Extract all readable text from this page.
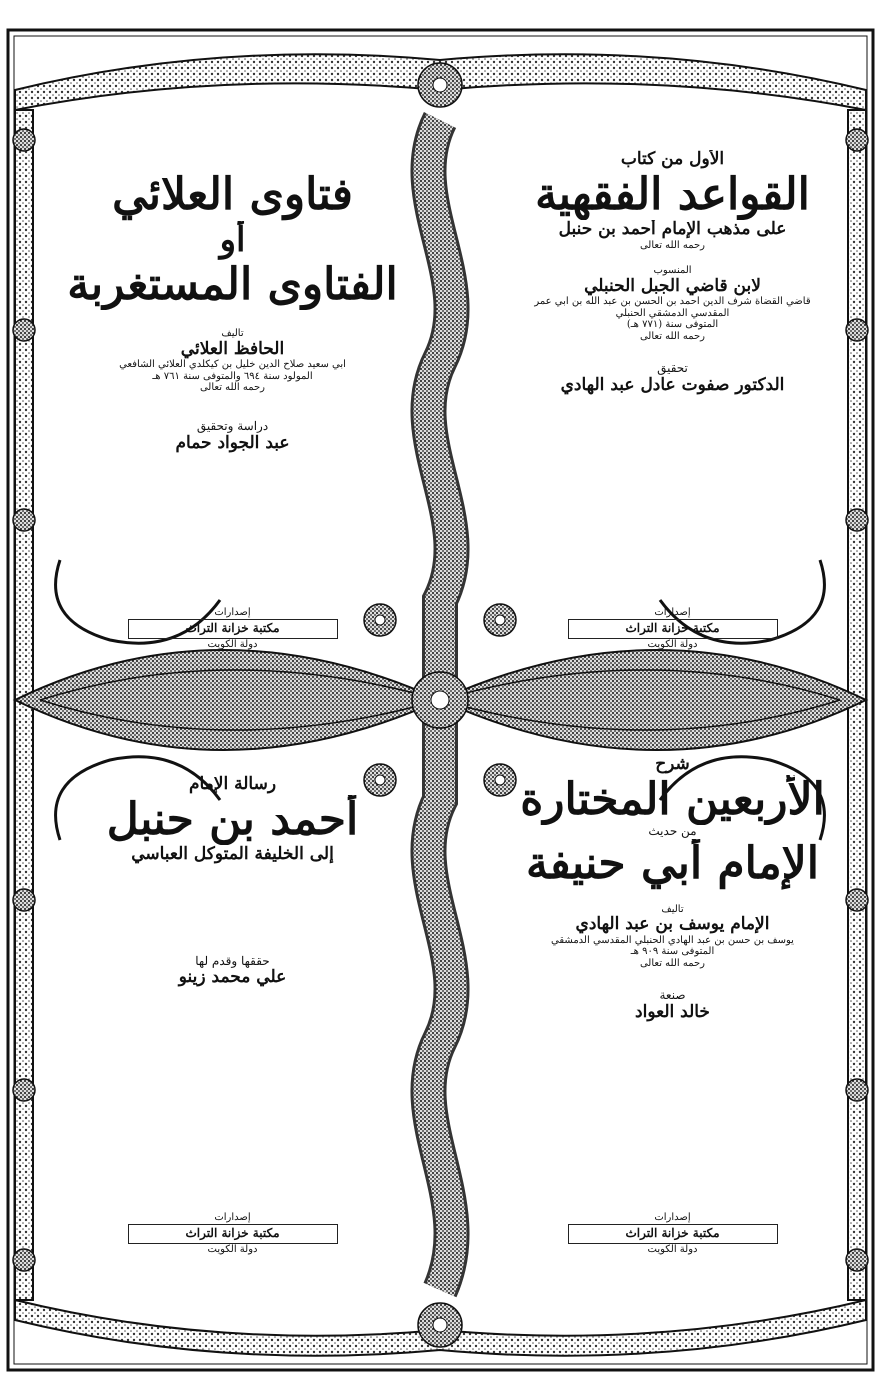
الأول من كتاب
القواعد الفقهية
على مذهب الإمام أحمد بن حنبل
رحمه الله تعالى
المنسوب
لابن قاضي الجبل الحنبلي
قاضي القضاة شرف الدين أحمد بن الحسن بن عبد الله بن أبي عمر
المقدسي الدمشقي الحنبلي
المتوفى سنة (٧٧١ هـ)
رحمه الله تعالى
تحقيق
الدكتور صفوت عادل عبد الهادي
إصدارات
مكتبة خزانة التراث
دولة الكويت
فتاوى العلائي
أو
الفتاوى المستغربة
تأليف
الحافظ العلائي
أبي سعيد صلاح الدين خليل بن كيكلدي العلائي الشافعي
المولود سنة ٦٩٤ والمتوفى سنة ٧٦١ هـ
رحمه الله تعالى
دراسة وتحقيق
عبد الجواد حمام
إصدارات
مكتبة خزانة التراث
دولة الكويت
شرح
الأربعين المختارة
من حديث
الإمام أبي حنيفة
تأليف
الإمام يوسف بن عبد الهادي
يوسف بن حسن بن عبد الهادي الحنبلي المقدسي الدمشقي
المتوفى سنة ٩٠٩ هـ
رحمه الله تعالى
صنعة
خالد العواد
إصدارات
مكتبة خزانة التراث
دولة الكويت
رسالة الإمام
أحمد بن حنبل
إلى الخليفة المتوكل العباسي
حققها وقدم لها
علي محمد زينو
إصدارات
مكتبة خزانة التراث
دولة الكويت
